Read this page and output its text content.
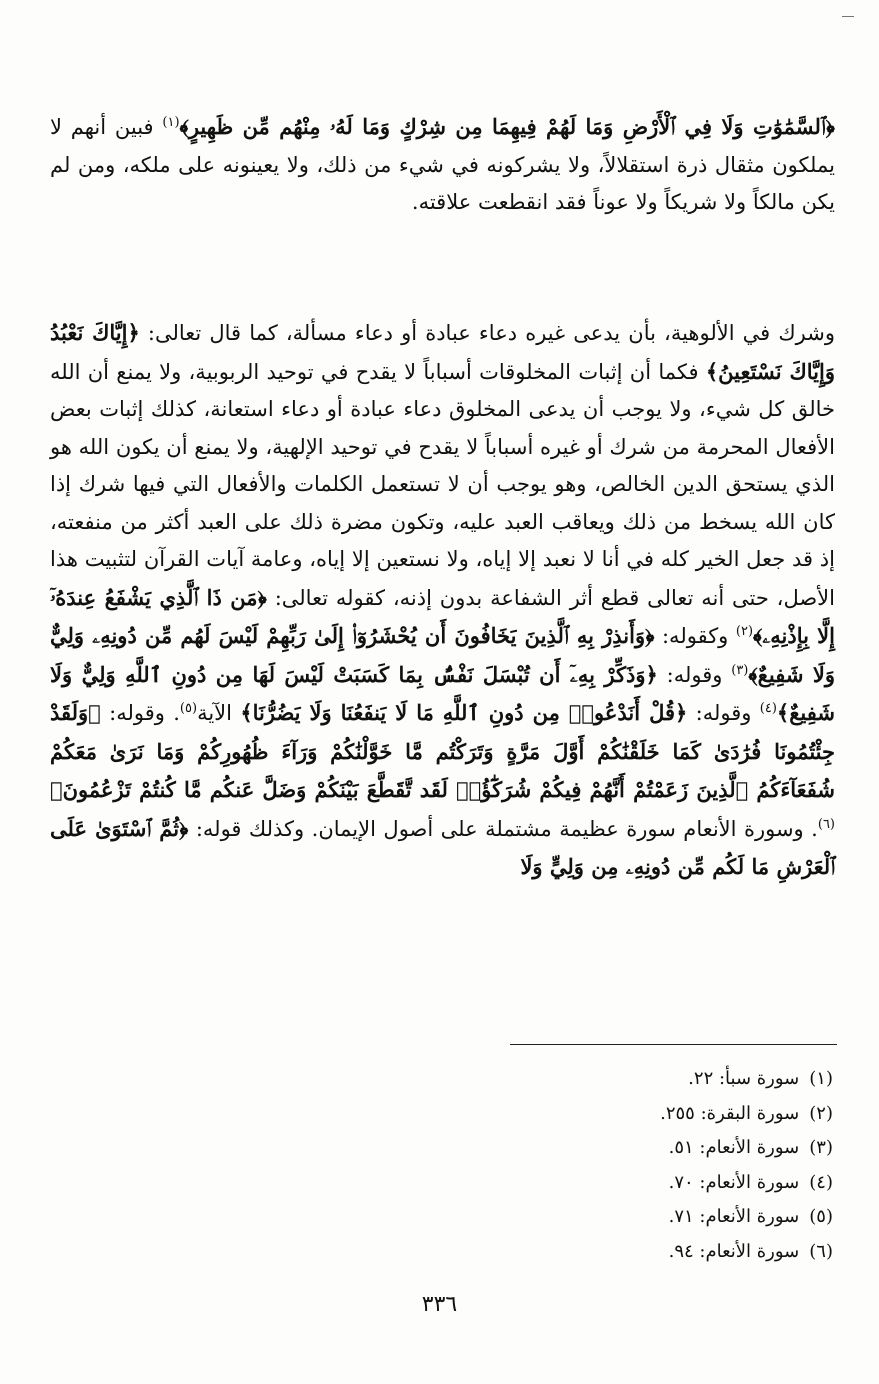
﴿ٱلسَّمَٰوَٰتِ وَلَا فِي ٱلْأَرْضِ وَمَا لَهُمْ فِيهِمَا مِن شِرْكٍ وَمَا لَهُۥ مِنْهُم مِّن ظَهِيرٍ﴾$^{(١)}$ فبين أنهم لا يملكون مثقال ذرة استقلالاً، ولا يشركونه في شيء من ذلك، ولا يعينونه على ملكه، ومن لم يكن مالكاً ولا شريكاً ولا عوناً فقد انقطعت علاقته.

وشرك في الألوهية، بأن يدعى غيره دعاء عبادة أو دعاء مسألة، كما قال تعالى: ﴿إِيَّاكَ نَعْبُدُ وَإِيَّاكَ نَسْتَعِينُ﴾ فكما أن إثبات المخلوقات أسباباً لا يقدح في توحيد الربوبية، ولا يمنع أن الله خالق كل شيء، ولا يوجب أن يدعى المخلوق دعاء عبادة أو دعاء استعانة، كذلك إثبات بعض الأفعال المحرمة من شرك أو غيره أسباباً لا يقدح في توحيد الإلهية، ولا يمنع أن يكون الله هو الذي يستحق الدين الخالص، وهو يوجب أن لا تستعمل الكلمات والأفعال التي فيها شرك إذا كان الله يسخط من ذلك ويعاقب العبد عليه، وتكون مضرة ذلك على العبد أكثر من منفعته، إذ قد جعل الخير كله في أنا لا نعبد إلا إياه، ولا نستعين إلا إياه، وعامة آيات القرآن لتثبيت هذا الأصل، حتى أنه تعالى قطع أثر الشفاعة بدون إذنه، كقوله تعالى: ﴿مَن ذَا ٱلَّذِي يَشْفَعُ عِندَهُۥٓ إِلَّا بِإِذْنِهِۦ﴾$^{(٢)}$ وكقوله: ﴿وَأَنذِرْ بِهِ ٱلَّذِينَ يَخَافُونَ أَن يُحْشَرُوٓا۟ إِلَىٰ رَبِّهِمْ لَيْسَ لَهُم مِّن دُونِهِۦ وَلِيٌّ وَلَا شَفِيعٌ﴾$^{(٣)}$ وقوله: ﴿وَذَكِّرْ بِهِۦٓ أَن تُبْسَلَ نَفْسٌۢ بِمَا كَسَبَتْ لَيْسَ لَهَا مِن دُونِ ٱللَّهِ وَلِيٌّ وَلَا شَفِيعٌ﴾$^{(٤)}$ وقوله: ﴿قُلْ أَنَدْعُوا۟ مِن دُونِ ٱللَّهِ مَا لَا يَنفَعُنَا وَلَا يَضُرُّنَا﴾ الآية$^{(٥)}$. وقوله: ﴿وَلَقَدْ جِئْتُمُونَا فُرَٰدَىٰ كَمَا خَلَقْنَٰكُمْ أَوَّلَ مَرَّةٍ وَتَرَكْتُم مَّا خَوَّلْنَٰكُمْ وَرَآءَ ظُهُورِكُمْ وَمَا نَرَىٰ مَعَكُمْ شُفَعَآءَكُمُ ٱلَّذِينَ زَعَمْتُمْ أَنَّهُمْ فِيكُمْ شُرَكَٰٓؤُا۟ لَقَد تَّقَطَّعَ بَيْنَكُمْ وَضَلَّ عَنكُم مَّا كُنتُمْ تَزْعُمُونَ﴾$^{(٦)}$. وسورة الأنعام سورة عظيمة مشتملة على أصول الإيمان. وكذلك قوله: ﴿ثُمَّ ٱسْتَوَىٰ عَلَى ٱلْعَرْشِ مَا لَكُم مِّن دُونِهِۦ مِن وَلِيٍّ وَلَا

(١)سورة سبأ: ٢٢.
(٢)سورة البقرة: ٢٥٥.
(٣)سورة الأنعام: ٥١.
(٤)سورة الأنعام: ٧٠.
(٥)سورة الأنعام: ٧١.
(٦)سورة الأنعام: ٩٤.
٣٣٦
